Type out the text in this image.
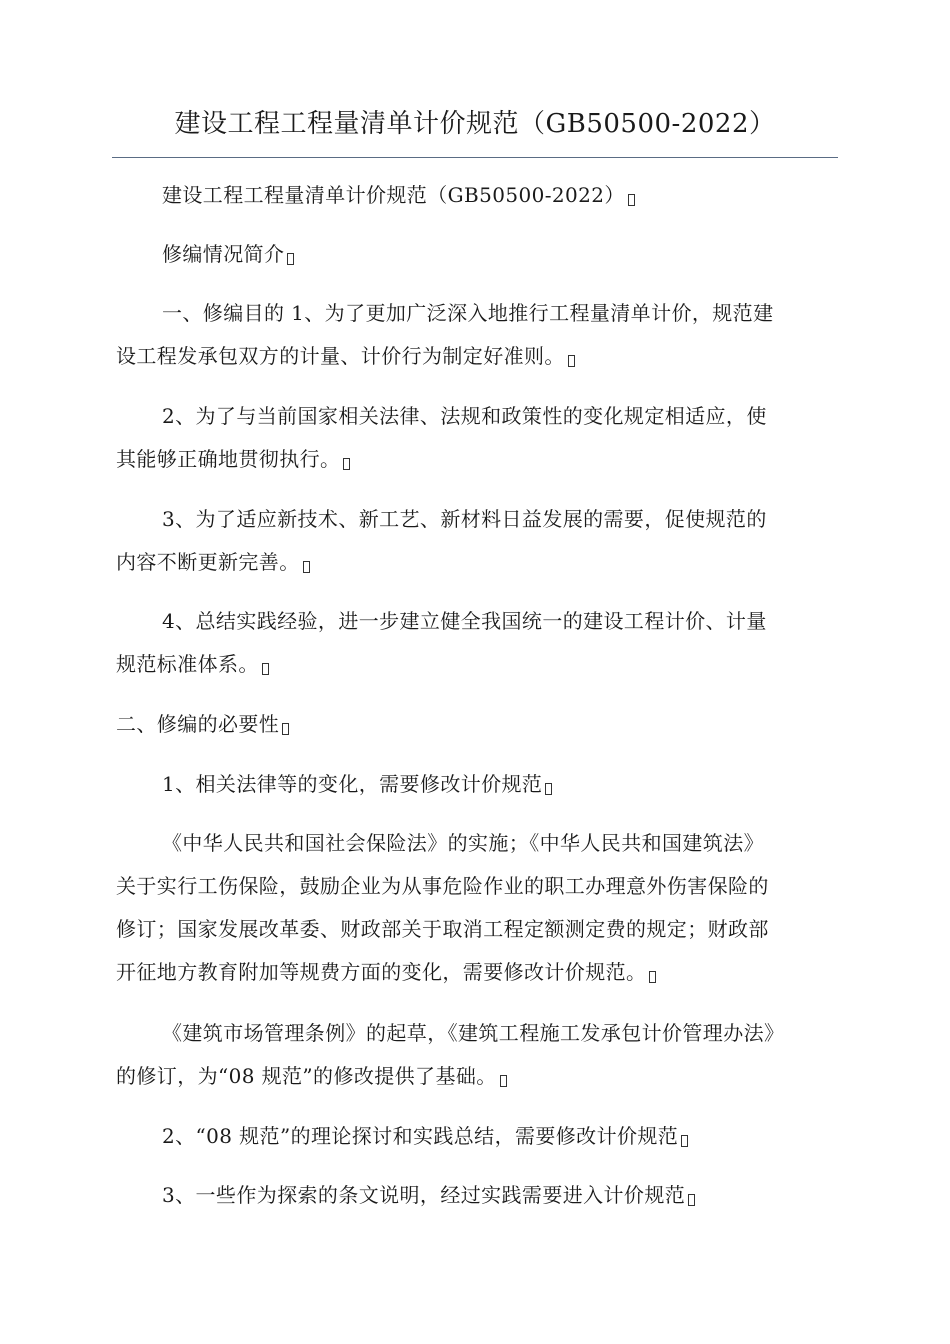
建设工程工程量清单计价规范（GB50500-2022）
建设工程工程量清单计价规范（GB50500-2022）
修编情况简介
一、修编目的 1、为了更加广泛深入地推行工程量清单计价，规范建
设工程发承包双方的计量、计价行为制定好准则。
2、为了与当前国家相关法律、法规和政策性的变化规定相适应，使
其能够正确地贯彻执行。
3、为了适应新技术、新工艺、新材料日益发展的需要，促使规范的
内容不断更新完善。
4、总结实践经验，进一步建立健全我国统一的建设工程计价、计量
规范标准体系。
二、修编的必要性
1、相关法律等的变化，需要修改计价规范
《中华人民共和国社会保险法》的实施；《中华人民共和国建筑法》
关于实行工伤保险，鼓励企业为从事危险作业的职工办理意外伤害保险的
修订；国家发展改革委、财政部关于取消工程定额测定费的规定；财政部
开征地方教育附加等规费方面的变化，需要修改计价规范。
《建筑市场管理条例》的起草，《建筑工程施工发承包计价管理办法》
的修订，为“08 规范”的修改提供了基础。
2、“08 规范”的理论探讨和实践总结，需要修改计价规范
3、一些作为探索的条文说明，经过实践需要进入计价规范
